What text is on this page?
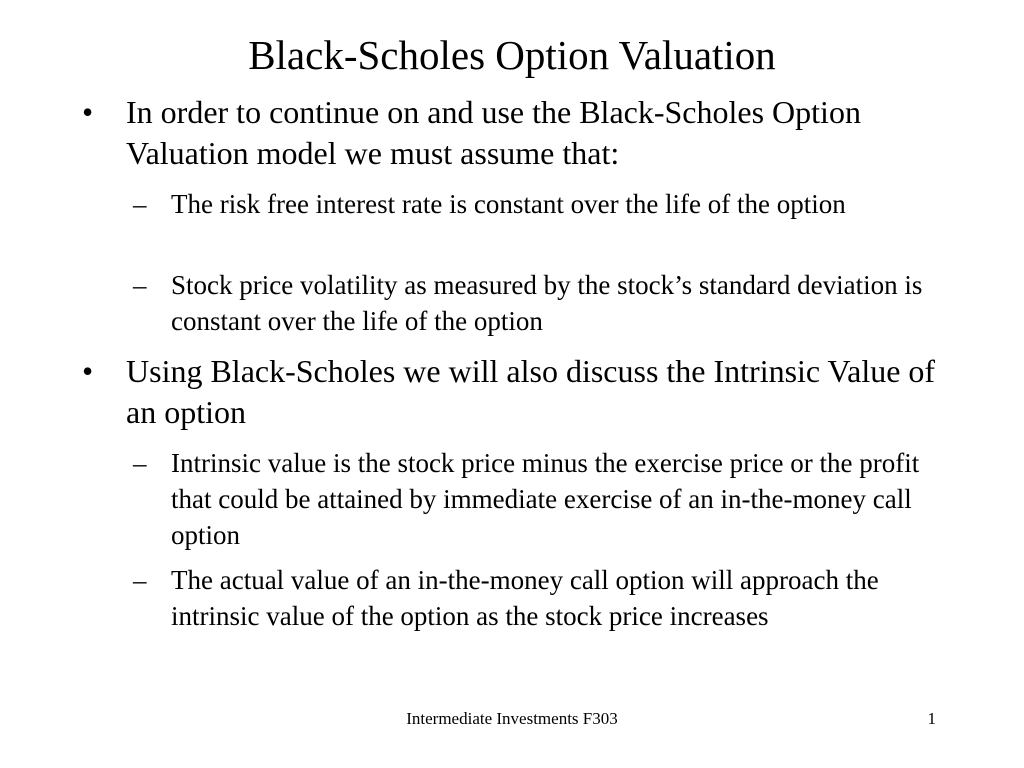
Black-Scholes Option Valuation
•	In order to continue on and use the Black-Scholes Option Valuation model we must assume that:
– The risk free interest rate is constant over the life of the option
– Stock price volatility as measured by the stock’s standard deviation is constant over the life of the option
•	Using Black-Scholes we will also discuss the Intrinsic Value of an option
– Intrinsic value is the stock price minus the exercise price or the profit that could be attained by immediate exercise of an in-the-money call option
– The actual value of an in-the-money call option will approach the intrinsic value of the option as the stock price increases
Intermediate Investments F303	1
